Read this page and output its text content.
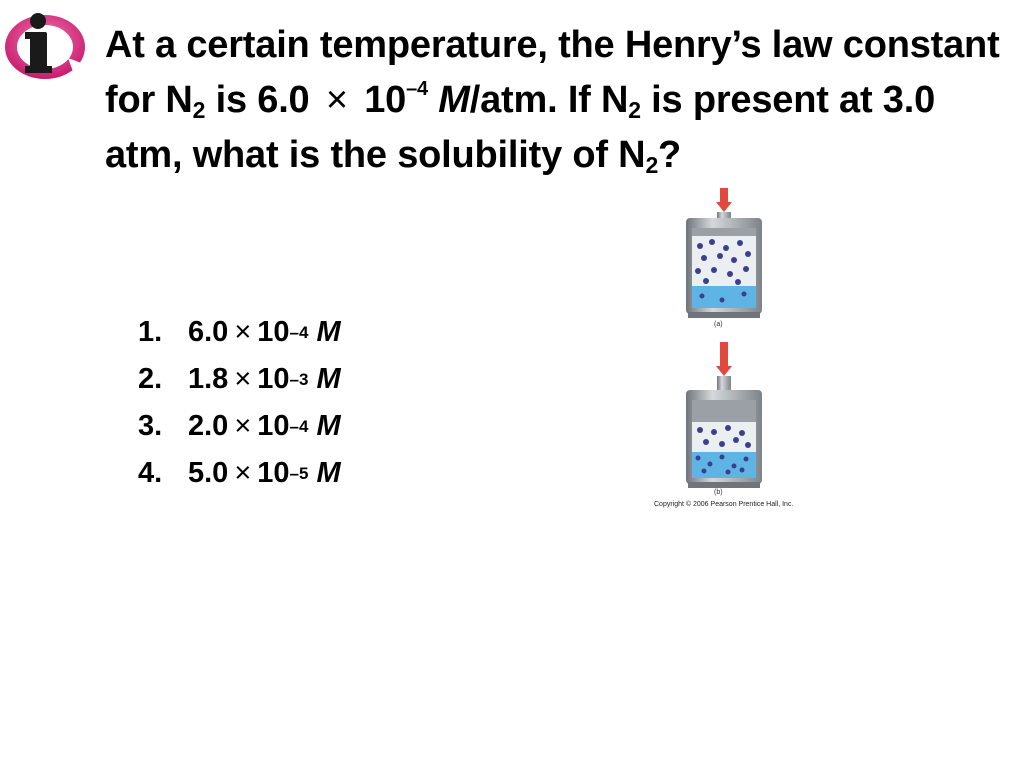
At a certain temperature, the Henry’s law constant for $N_2$ is $6.0 \times 10^{-4}$ M/atm. If $N_2$ is present at 3.0 atm, what is the solubility of $N_2$?

1. 6.0 × 10 –4
M
2. 1.8 × 10 –3
M
3. 2.0 × 10 –4
M
4. 5.0 × 10 –5
M
(a)
(b)
Copyright © 2006 Pearson Prentice Hall, Inc.
